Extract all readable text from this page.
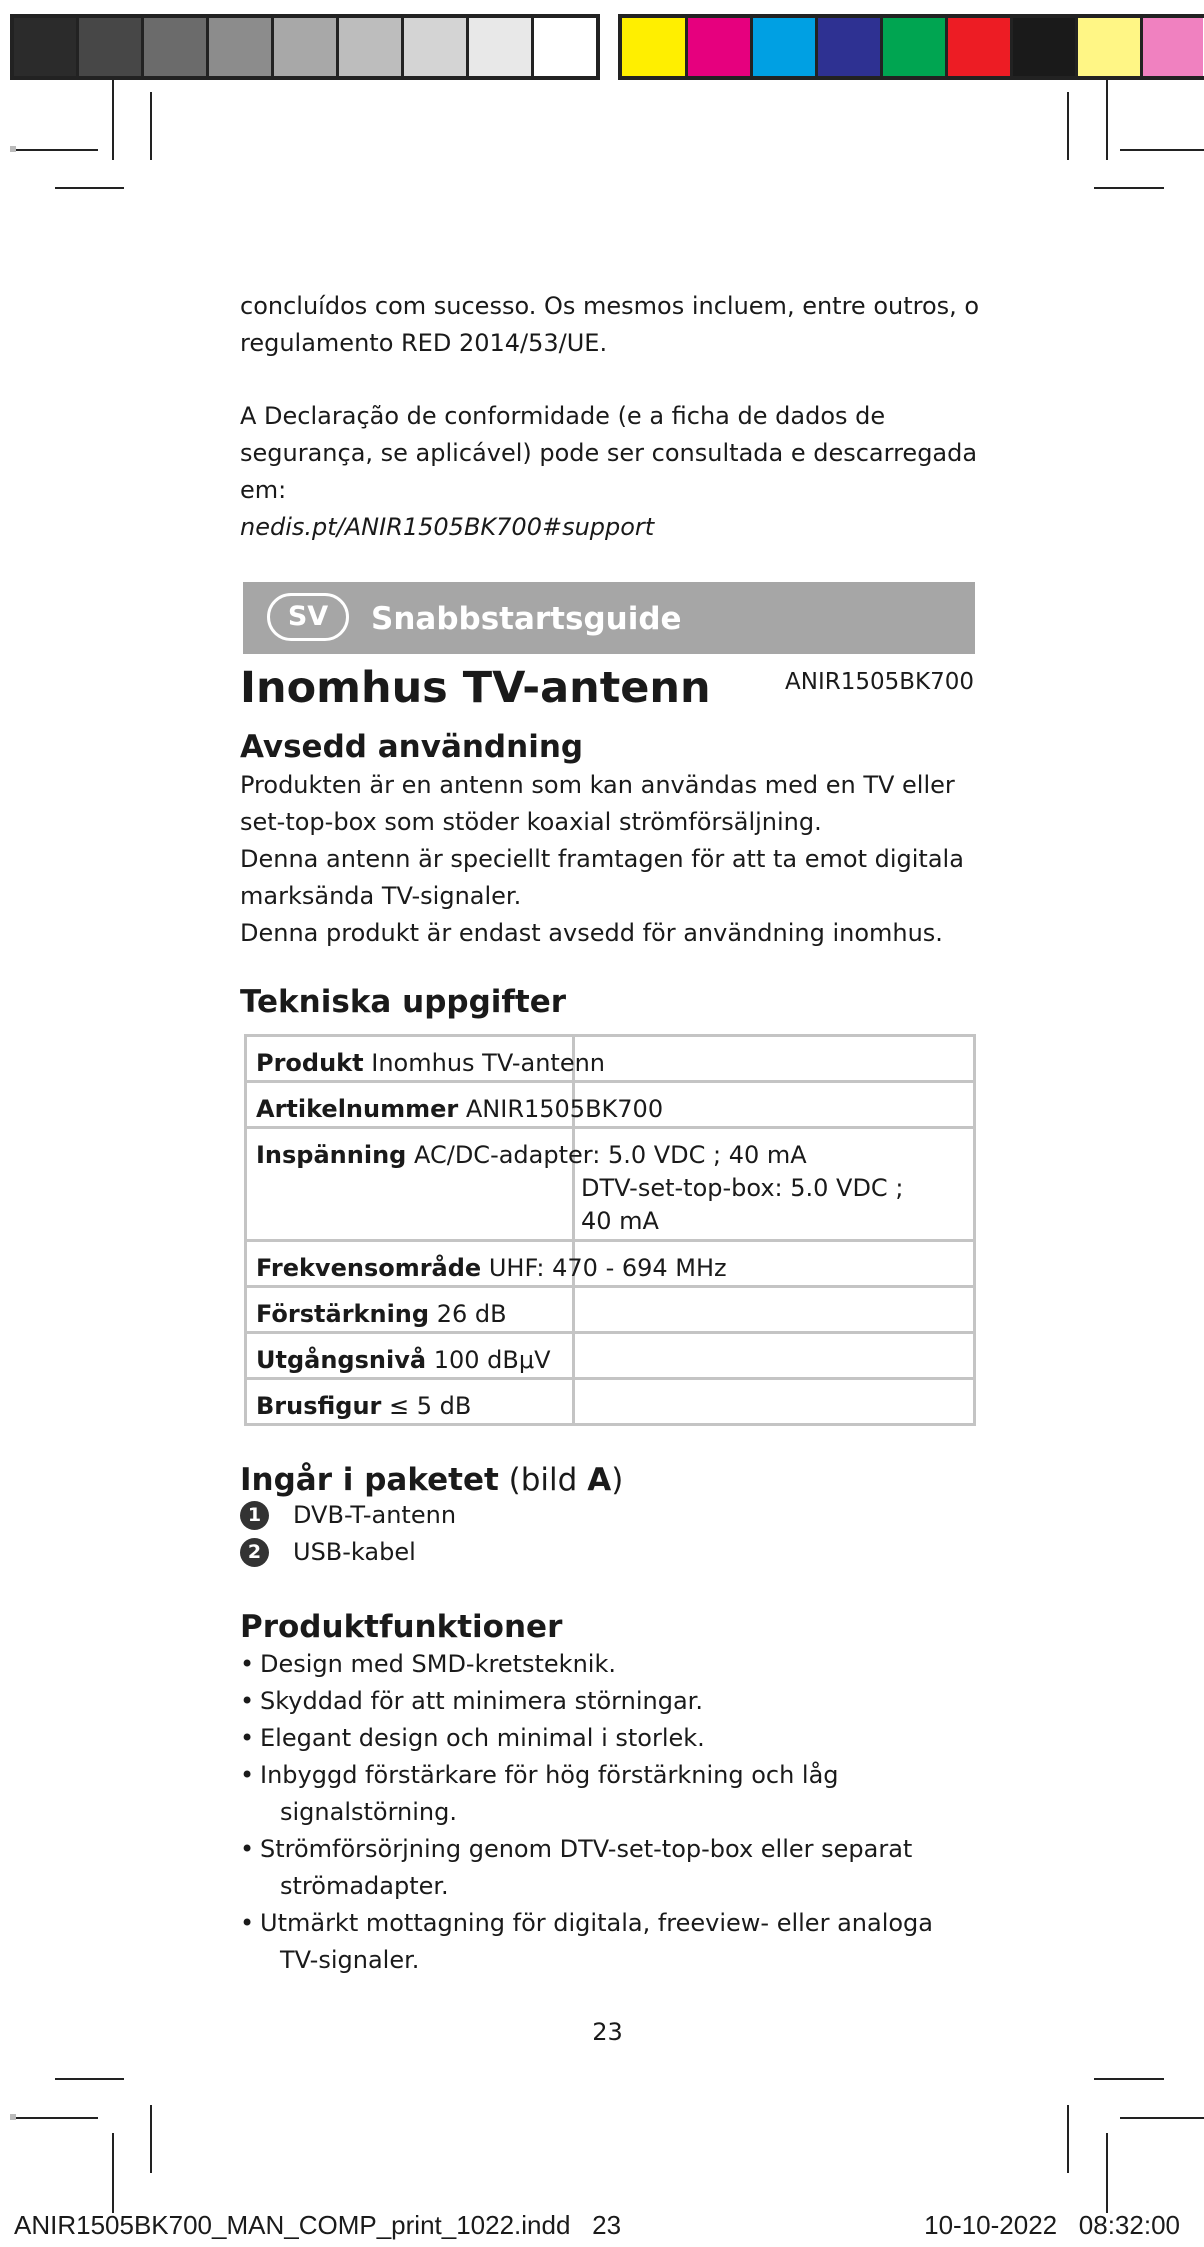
concluídos com sucesso. Os mesmos incluem, entre outros, o

regulamento RED 2014/53/UE.

A Declaração de conformidade (e a ficha de dados de

segurança, se aplicável) pode ser consultada e descarregada

em:

nedis.pt/ANIR1505BK700#support

SV	Snabbstartsguide
Inomhus TV-antenn	ANIR1505BK700
Avsedd användning

Produkten är en antenn som kan användas med en TV eller

set-top-box som stöder koaxial strömförsäljning.

Denna antenn är speciellt framtagen för att ta emot digitala

marksända TV-signaler.

Denna produkt är endast avsedd för användning inomhus.

Tekniska uppgifter
Produkt Inomhus TV-antenn	

Artikelnummer ANIR1505BK700	

Inspänning AC/DC-adapter: 5.0 VDC ; 40 mA
DTV-set-top-box: 5.0 VDC ;
40 mA	

Frekvensområde UHF: 470 - 694 MHz	

Förstärkning 26 dB	

Utgångsnivå 100 dBμV	

Brusfigur ≤ 5 dB	

Ingår i paketet (bild A)
1	DVB-T-antenn
2	USB-kabel
Produktfunktioner
• Design med SMD-kretsteknik.
• Skyddad för att minimera störningar.
• Elegant design och minimal i storlek.
• Inbyggd förstärkare för hög förstärkning och låg
signalstörning.
• Strömförsörjning genom DTV-set-top-box eller separat
strömadapter.
• Utmärkt mottagning för digitala, freeview- eller analoga
TV-signaler.
23
ANIR1505BK700_MAN_COMP_print_1022.indd   23	10-10-2022   08:32:00
